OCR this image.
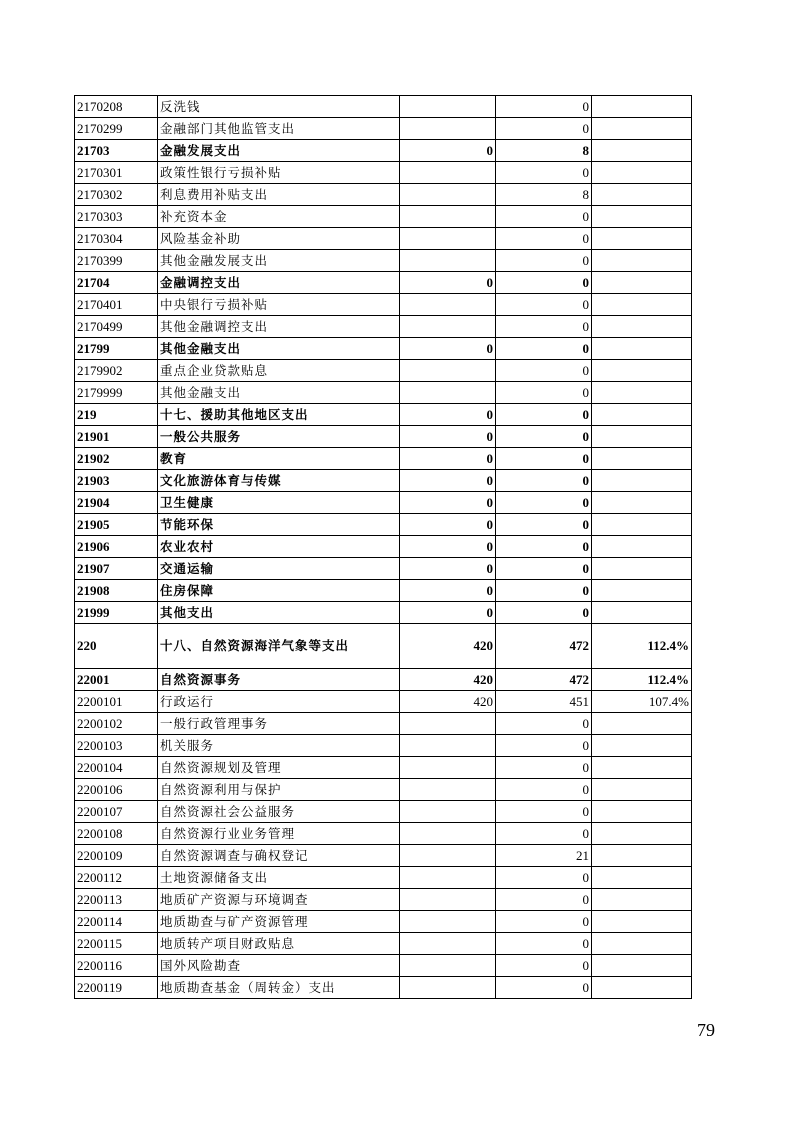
2170208	反洗钱		0	
2170299	金融部门其他监管支出		0	
21703	金融发展支出	0	8	
2170301	政策性银行亏损补贴		0	
2170302	利息费用补贴支出		8	
2170303	补充资本金		0	
2170304	风险基金补助		0	
2170399	其他金融发展支出		0	
21704	金融调控支出	0	0	
2170401	中央银行亏损补贴		0	
2170499	其他金融调控支出		0	
21799	其他金融支出	0	0	
2179902	重点企业贷款贴息		0	
2179999	其他金融支出		0	
219	十七、援助其他地区支出	0	0	
21901	一般公共服务	0	0	
21902	教育	0	0	
21903	文化旅游体育与传媒	0	0	
21904	卫生健康	0	0	
21905	节能环保	0	0	
21906	农业农村	0	0	
21907	交通运输	0	0	
21908	住房保障	0	0	
21999	其他支出	0	0	
220	十八、自然资源海洋气象等支出	420	472	112.4%
22001	自然资源事务	420	472	112.4%
2200101	行政运行	420	451	107.4%
2200102	一般行政管理事务		0	
2200103	机关服务		0	
2200104	自然资源规划及管理		0	
2200106	自然资源利用与保护		0	
2200107	自然资源社会公益服务		0	
2200108	自然资源行业业务管理		0	
2200109	自然资源调查与确权登记		21	
2200112	土地资源储备支出		0	
2200113	地质矿产资源与环境调查		0	
2200114	地质勘查与矿产资源管理		0	
2200115	地质转产项目财政贴息		0	
2200116	国外风险勘查		0	
2200119	地质勘查基金（周转金）支出		0	
79
